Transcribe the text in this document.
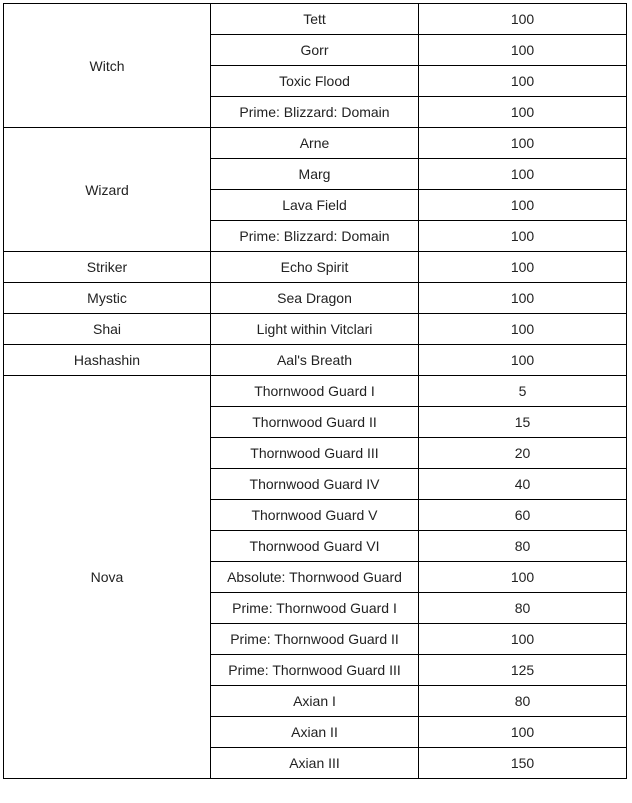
Witch	Tett	100
	Gorr	100
	Toxic Flood	100
	Prime: Blizzard: Domain	100
Wizard	Arne	100
	Marg	100
	Lava Field	100
	Prime: Blizzard: Domain	100
Striker	Echo Spirit	100
Mystic	Sea Dragon	100
Shai	Light within Vitclari	100
Hashashin	Aal's Breath	100
Nova	Thornwood Guard I	5
	Thornwood Guard II	15
	Thornwood Guard III	20
	Thornwood Guard IV	40
	Thornwood Guard V	60
	Thornwood Guard VI	80
	Absolute: Thornwood Guard	100
	Prime: Thornwood Guard I	80
	Prime: Thornwood Guard II	100
	Prime: Thornwood Guard III	125
	Axian I	80
	Axian II	100
	Axian III	150
